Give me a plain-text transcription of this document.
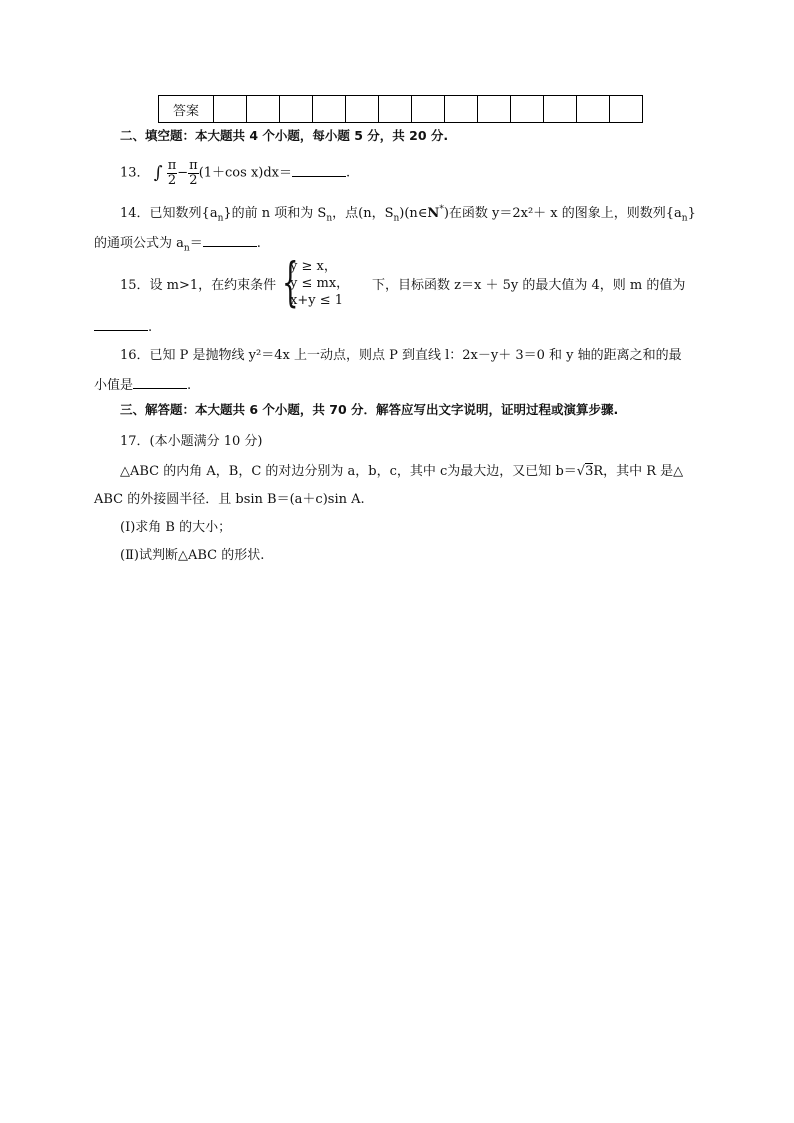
答案													
二、填空题：本大题共 4 个小题，每小题 5 分，共 20 分.
13． ∫ $\frac{\pi}{2} - \frac{\pi}{2} (1+\cos$ x)dx＝	.
14．已知数列$\{a_n\}$的前 n 项和为 $S_n$，点(n，$S_n)(n\in N^*)$在函数 y＝2x²＋ x 的图象上，则数列$\{a_n\}$
的通项公式为 $a_n=$	.
15．设 m>1，在约束条件 {
y ≥ x，
y ≤ mx，
x+y ≤ 1
下，目标函数 z＝x ＋ 5y 的最大值为 4，则 m 的值为
.
16．已知 P 是抛物线 y²＝4x 上一动点，则点 P 到直线 l：2x－y＋ 3＝0 和 y 轴的距离之和的最
小值是	.
三、解答题：本大题共 6 个小题，共 70 分．解答应写出文字说明，证明过程或演算步骤.
17．(本小题满分 10 分)
△ABC 的内角 A，B，C 的对边分别为 a，b，c，其中 c为最大边，又已知 b＝√3R，其中 R 是△
ABC 的外接圆半径．且 bsin B＝(a＋c)sin A.
(Ⅰ)求角 B 的大小；
(Ⅱ)试判断△ABC 的形状.
